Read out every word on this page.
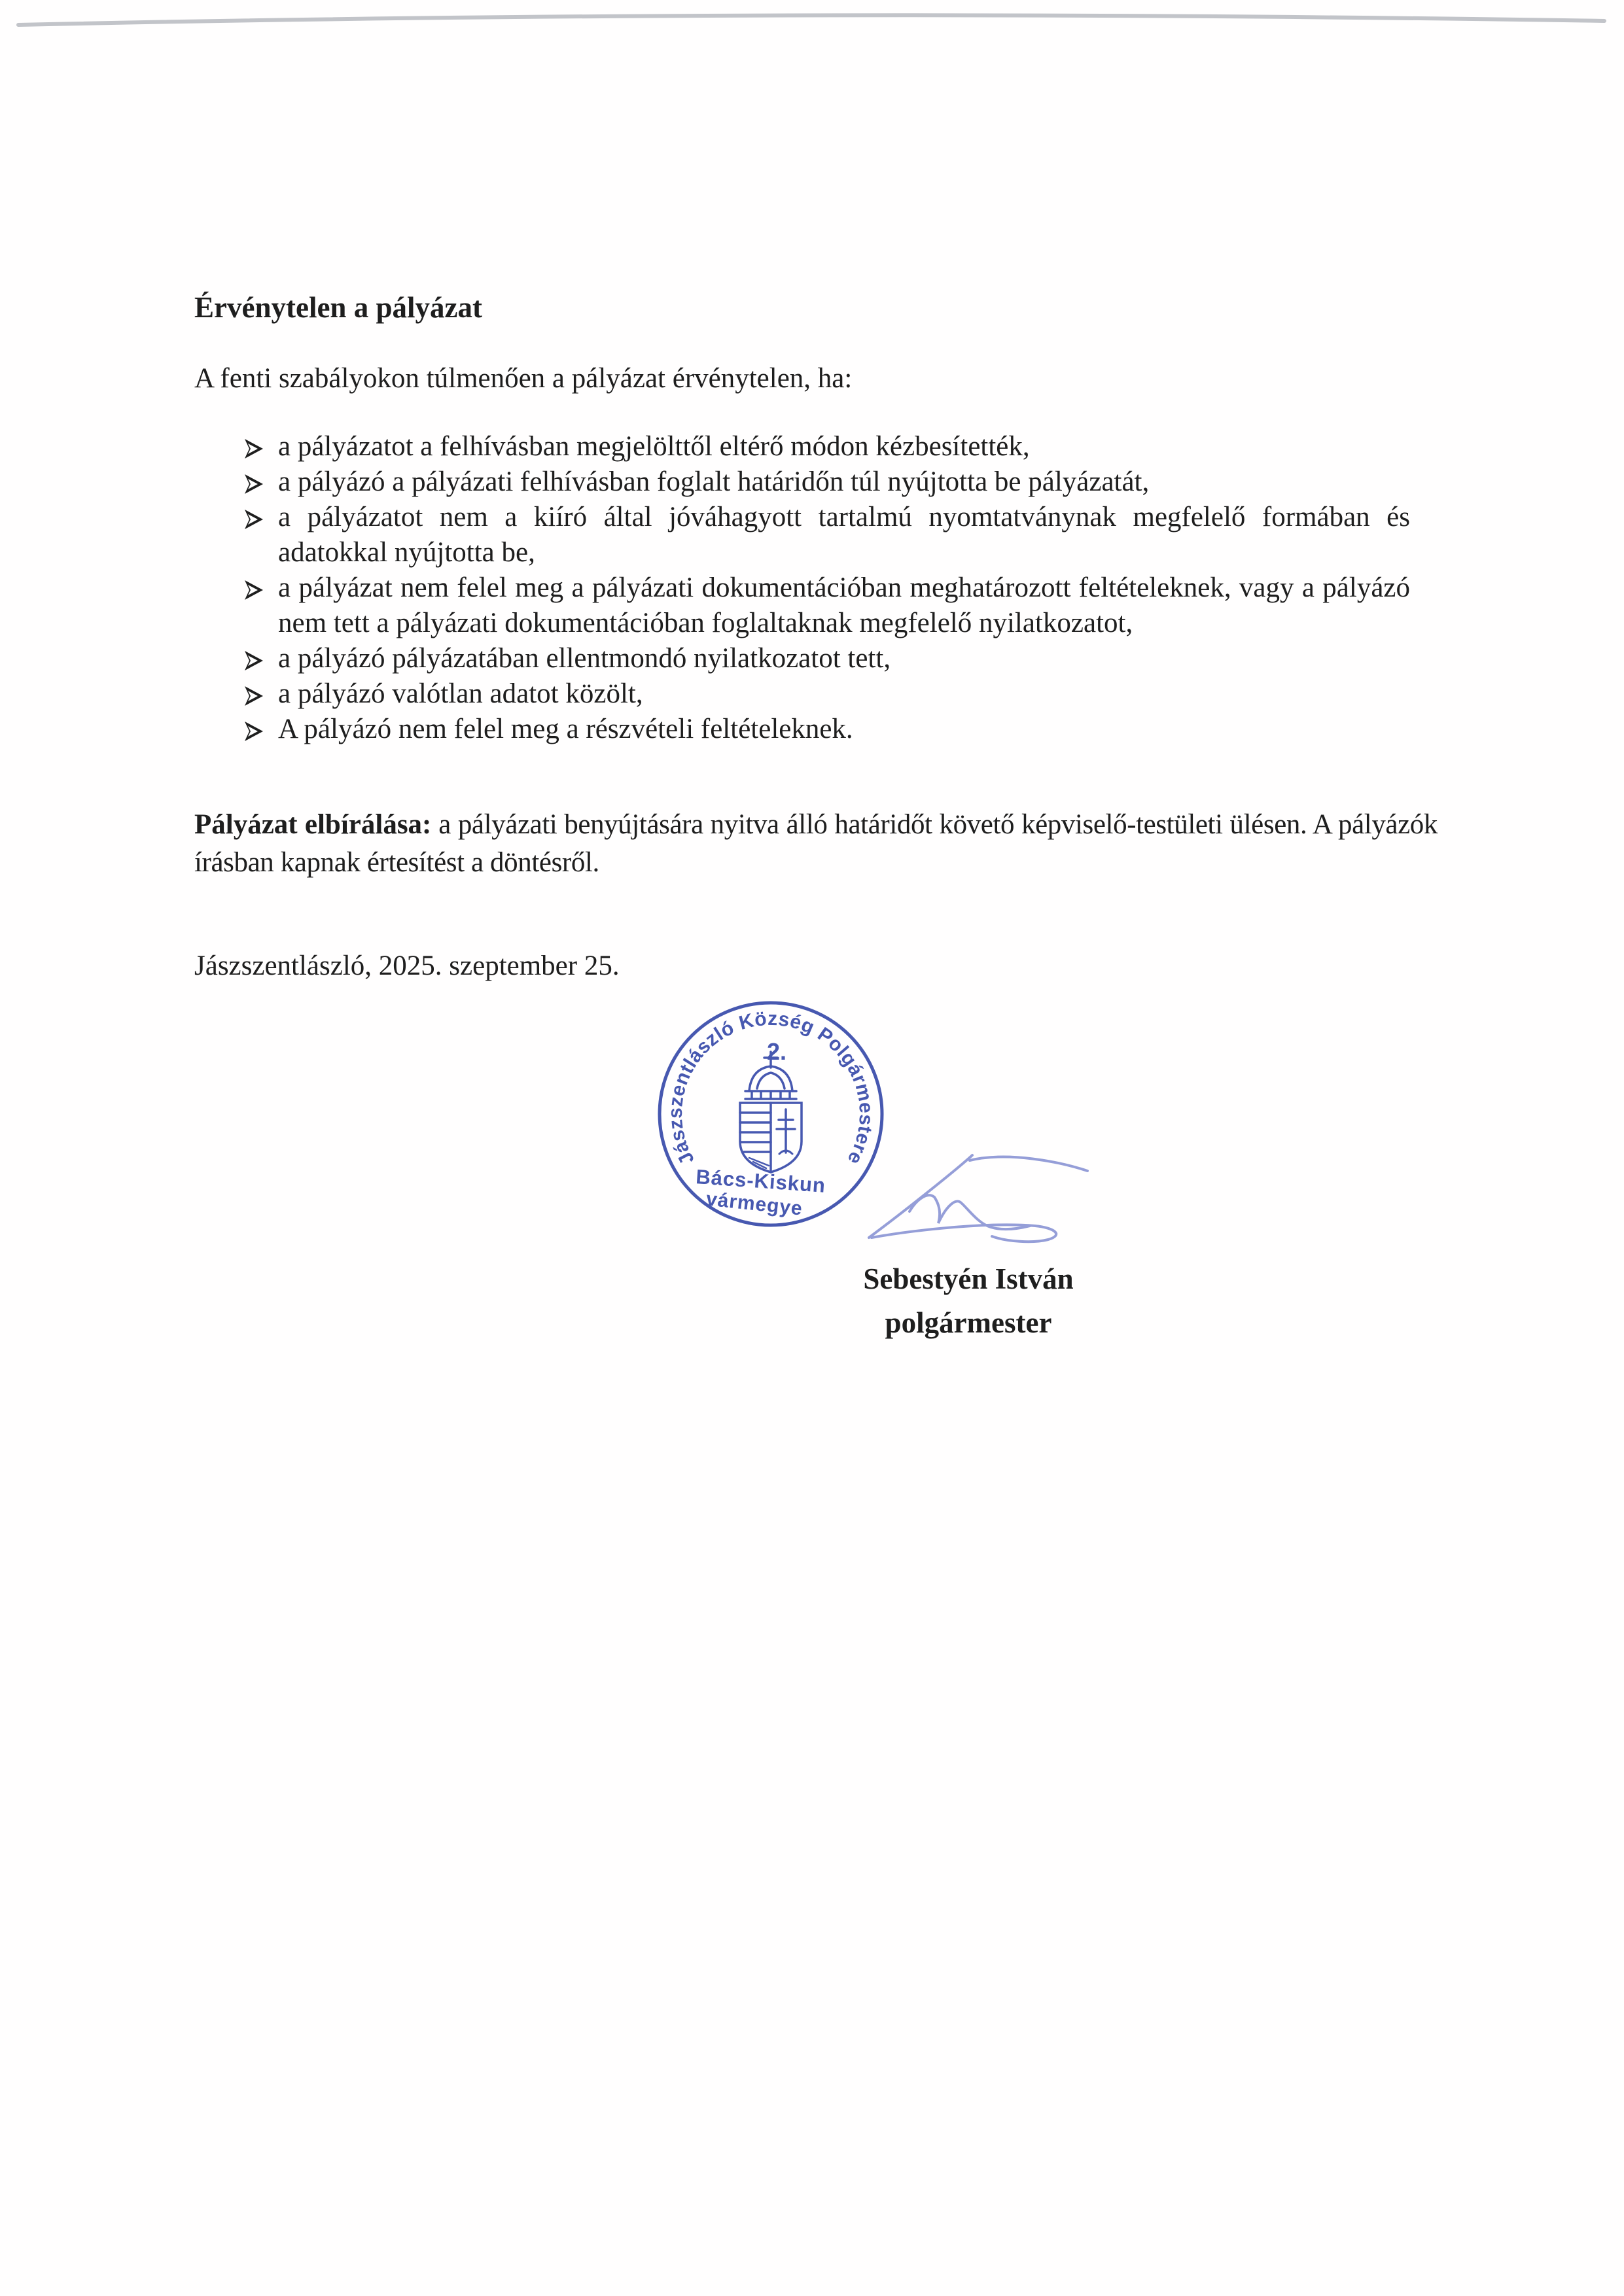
Érvénytelen a pályázat

A fenti szabályokon túlmenően a pályázat érvénytelen, ha:

a pályázatot a felhívásban megjelölttől eltérő módon kézbesítették,
a pályázó a pályázati felhívásban foglalt határidőn túl nyújtotta be pályázatát,
a pályázatot nem a kiíró által jóváhagyott tartalmú nyomtatványnak megfelelő formában és adatokkal nyújtotta be,
a pályázat nem felel meg a pályázati dokumentációban meghatározott feltételeknek, vagy a pályázó nem tett a pályázati dokumentációban foglaltaknak megfelelő nyilatkozatot,
a pályázó pályázatában ellentmondó nyilatkozatot tett,
a pályázó valótlan adatot közölt,
A pályázó nem felel meg a részvételi feltételeknek.

Pályázat elbírálása: a pályázati benyújtására nyitva álló határidőt követő képviselő-testületi ülésen. A pályázók írásban kapnak értesítést a döntésről.

Jászszentlászló, 2025. szeptember 25.

Jászszentlászló Község Polgármestere
2.
Bács-Kiskun
vármegye
Sebestyén István
polgármester
